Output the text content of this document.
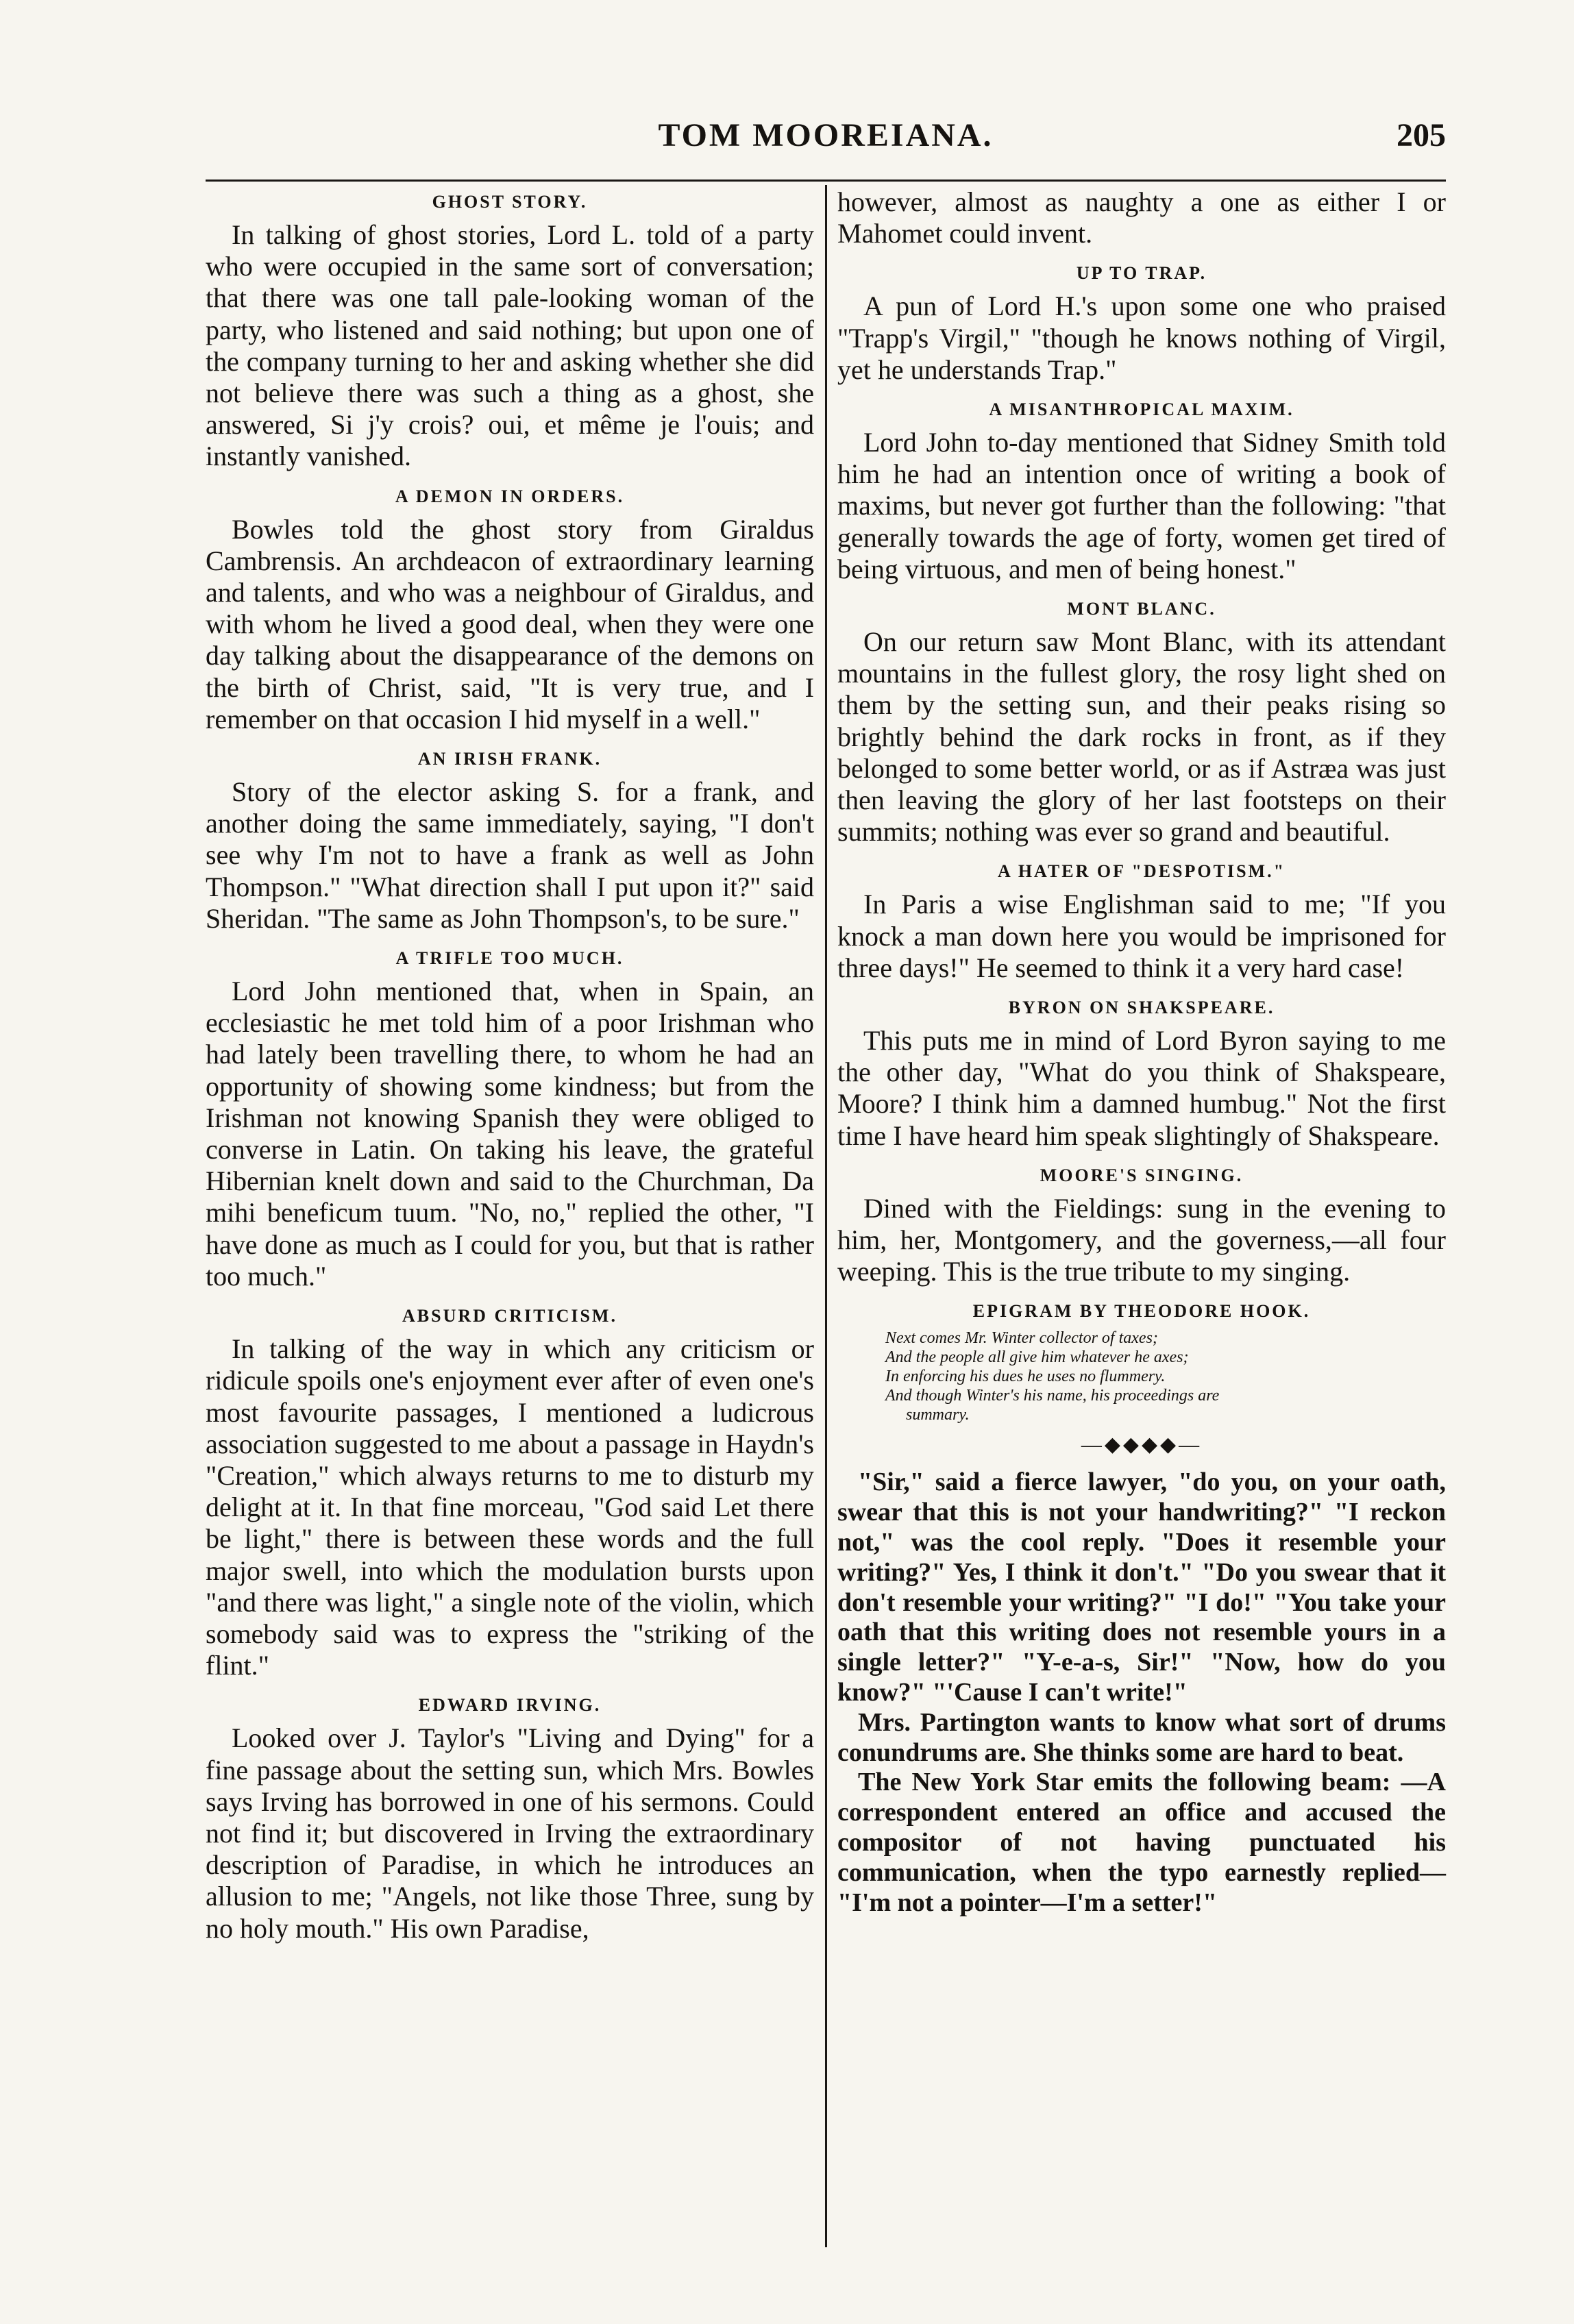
TOM MOOREIANA.	205
GHOST STORY.

In talking of ghost stories, Lord L. told of a party who were occupied in the same sort of conversation; that there was one tall pale-looking woman of the party, who listened and said nothing; but upon one of the company turning to her and asking whether she did not believe there was such a thing as a ghost, she answered, Si j'y crois? oui, et même je l'ouis; and instantly vanished.

A DEMON IN ORDERS.

Bowles told the ghost story from Giraldus Cambrensis. An archdeacon of extraordinary learning and talents, and who was a neighbour of Giraldus, and with whom he lived a good deal, when they were one day talking about the disappearance of the demons on the birth of Christ, said, "It is very true, and I remember on that occasion I hid myself in a well."

AN IRISH FRANK.

Story of the elector asking S. for a frank, and another doing the same immediately, saying, "I don't see why I'm not to have a frank as well as John Thompson." "What direction shall I put upon it?" said Sheridan. "The same as John Thompson's, to be sure."

A TRIFLE TOO MUCH.

Lord John mentioned that, when in Spain, an ecclesiastic he met told him of a poor Irishman who had lately been travelling there, to whom he had an opportunity of showing some kindness; but from the Irishman not knowing Spanish they were obliged to converse in Latin. On taking his leave, the grateful Hibernian knelt down and said to the Churchman, Da mihi beneficum tuum. "No, no," replied the other, "I have done as much as I could for you, but that is rather too much."

ABSURD CRITICISM.

In talking of the way in which any criticism or ridicule spoils one's enjoyment ever after of even one's most favourite passages, I mentioned a ludicrous association suggested to me about a passage in Haydn's "Creation," which always returns to me to disturb my delight at it. In that fine morceau, "God said Let there be light," there is between these words and the full major swell, into which the modulation bursts upon "and there was light," a single note of the violin, which somebody said was to express the "striking of the flint."

EDWARD IRVING.

Looked over J. Taylor's "Living and Dying" for a fine passage about the setting sun, which Mrs. Bowles says Irving has borrowed in one of his sermons. Could not find it; but discovered in Irving the extraordinary description of Paradise, in which he introduces an allusion to me; "Angels, not like those Three, sung by no holy mouth." His own Paradise,

however, almost as naughty a one as either I or Mahomet could invent.

UP TO TRAP.

A pun of Lord H.'s upon some one who praised "Trapp's Virgil," "though he knows nothing of Virgil, yet he understands Trap."

A MISANTHROPICAL MAXIM.

Lord John to-day mentioned that Sidney Smith told him he had an intention once of writing a book of maxims, but never got further than the following: "that generally towards the age of forty, women get tired of being virtuous, and men of being honest."

MONT BLANC.

On our return saw Mont Blanc, with its attendant mountains in the fullest glory, the rosy light shed on them by the setting sun, and their peaks rising so brightly behind the dark rocks in front, as if they belonged to some better world, or as if Astræa was just then leaving the glory of her last footsteps on their summits; nothing was ever so grand and beautiful.

A HATER OF "DESPOTISM."

In Paris a wise Englishman said to me; "If you knock a man down here you would be imprisoned for three days!" He seemed to think it a very hard case!

BYRON ON SHAKSPEARE.

This puts me in mind of Lord Byron saying to me the other day, "What do you think of Shakspeare, Moore? I think him a damned humbug." Not the first time I have heard him speak slightingly of Shakspeare.

MOORE'S SINGING.

Dined with the Fieldings: sung in the evening to him, her, Montgomery, and the governess,—all four weeping. This is the true tribute to my singing.

EPIGRAM BY THEODORE HOOK.
Next comes Mr. Winter collector of taxes;
And the people all give him whatever he axes;
In enforcing his dues he uses no flummery.
And though Winter's his name, his proceedings are
summary.
—◆◆◆◆—

"Sir," said a fierce lawyer, "do you, on your oath, swear that this is not your handwriting?" "I reckon not," was the cool reply. "Does it resemble your writing?" Yes, I think it don't." "Do you swear that it don't resemble your writing?" "I do!" "You take your oath that this writing does not resemble yours in a single letter?" "Y-e-a-s, Sir!" "Now, how do you know?" "'Cause I can't write!"

Mrs. Partington wants to know what sort of drums conundrums are. She thinks some are hard to beat.

The New York Star emits the following beam: —A correspondent entered an office and accused the compositor of not having punctuated his communication, when the typo earnestly replied— "I'm not a pointer—I'm a setter!"
